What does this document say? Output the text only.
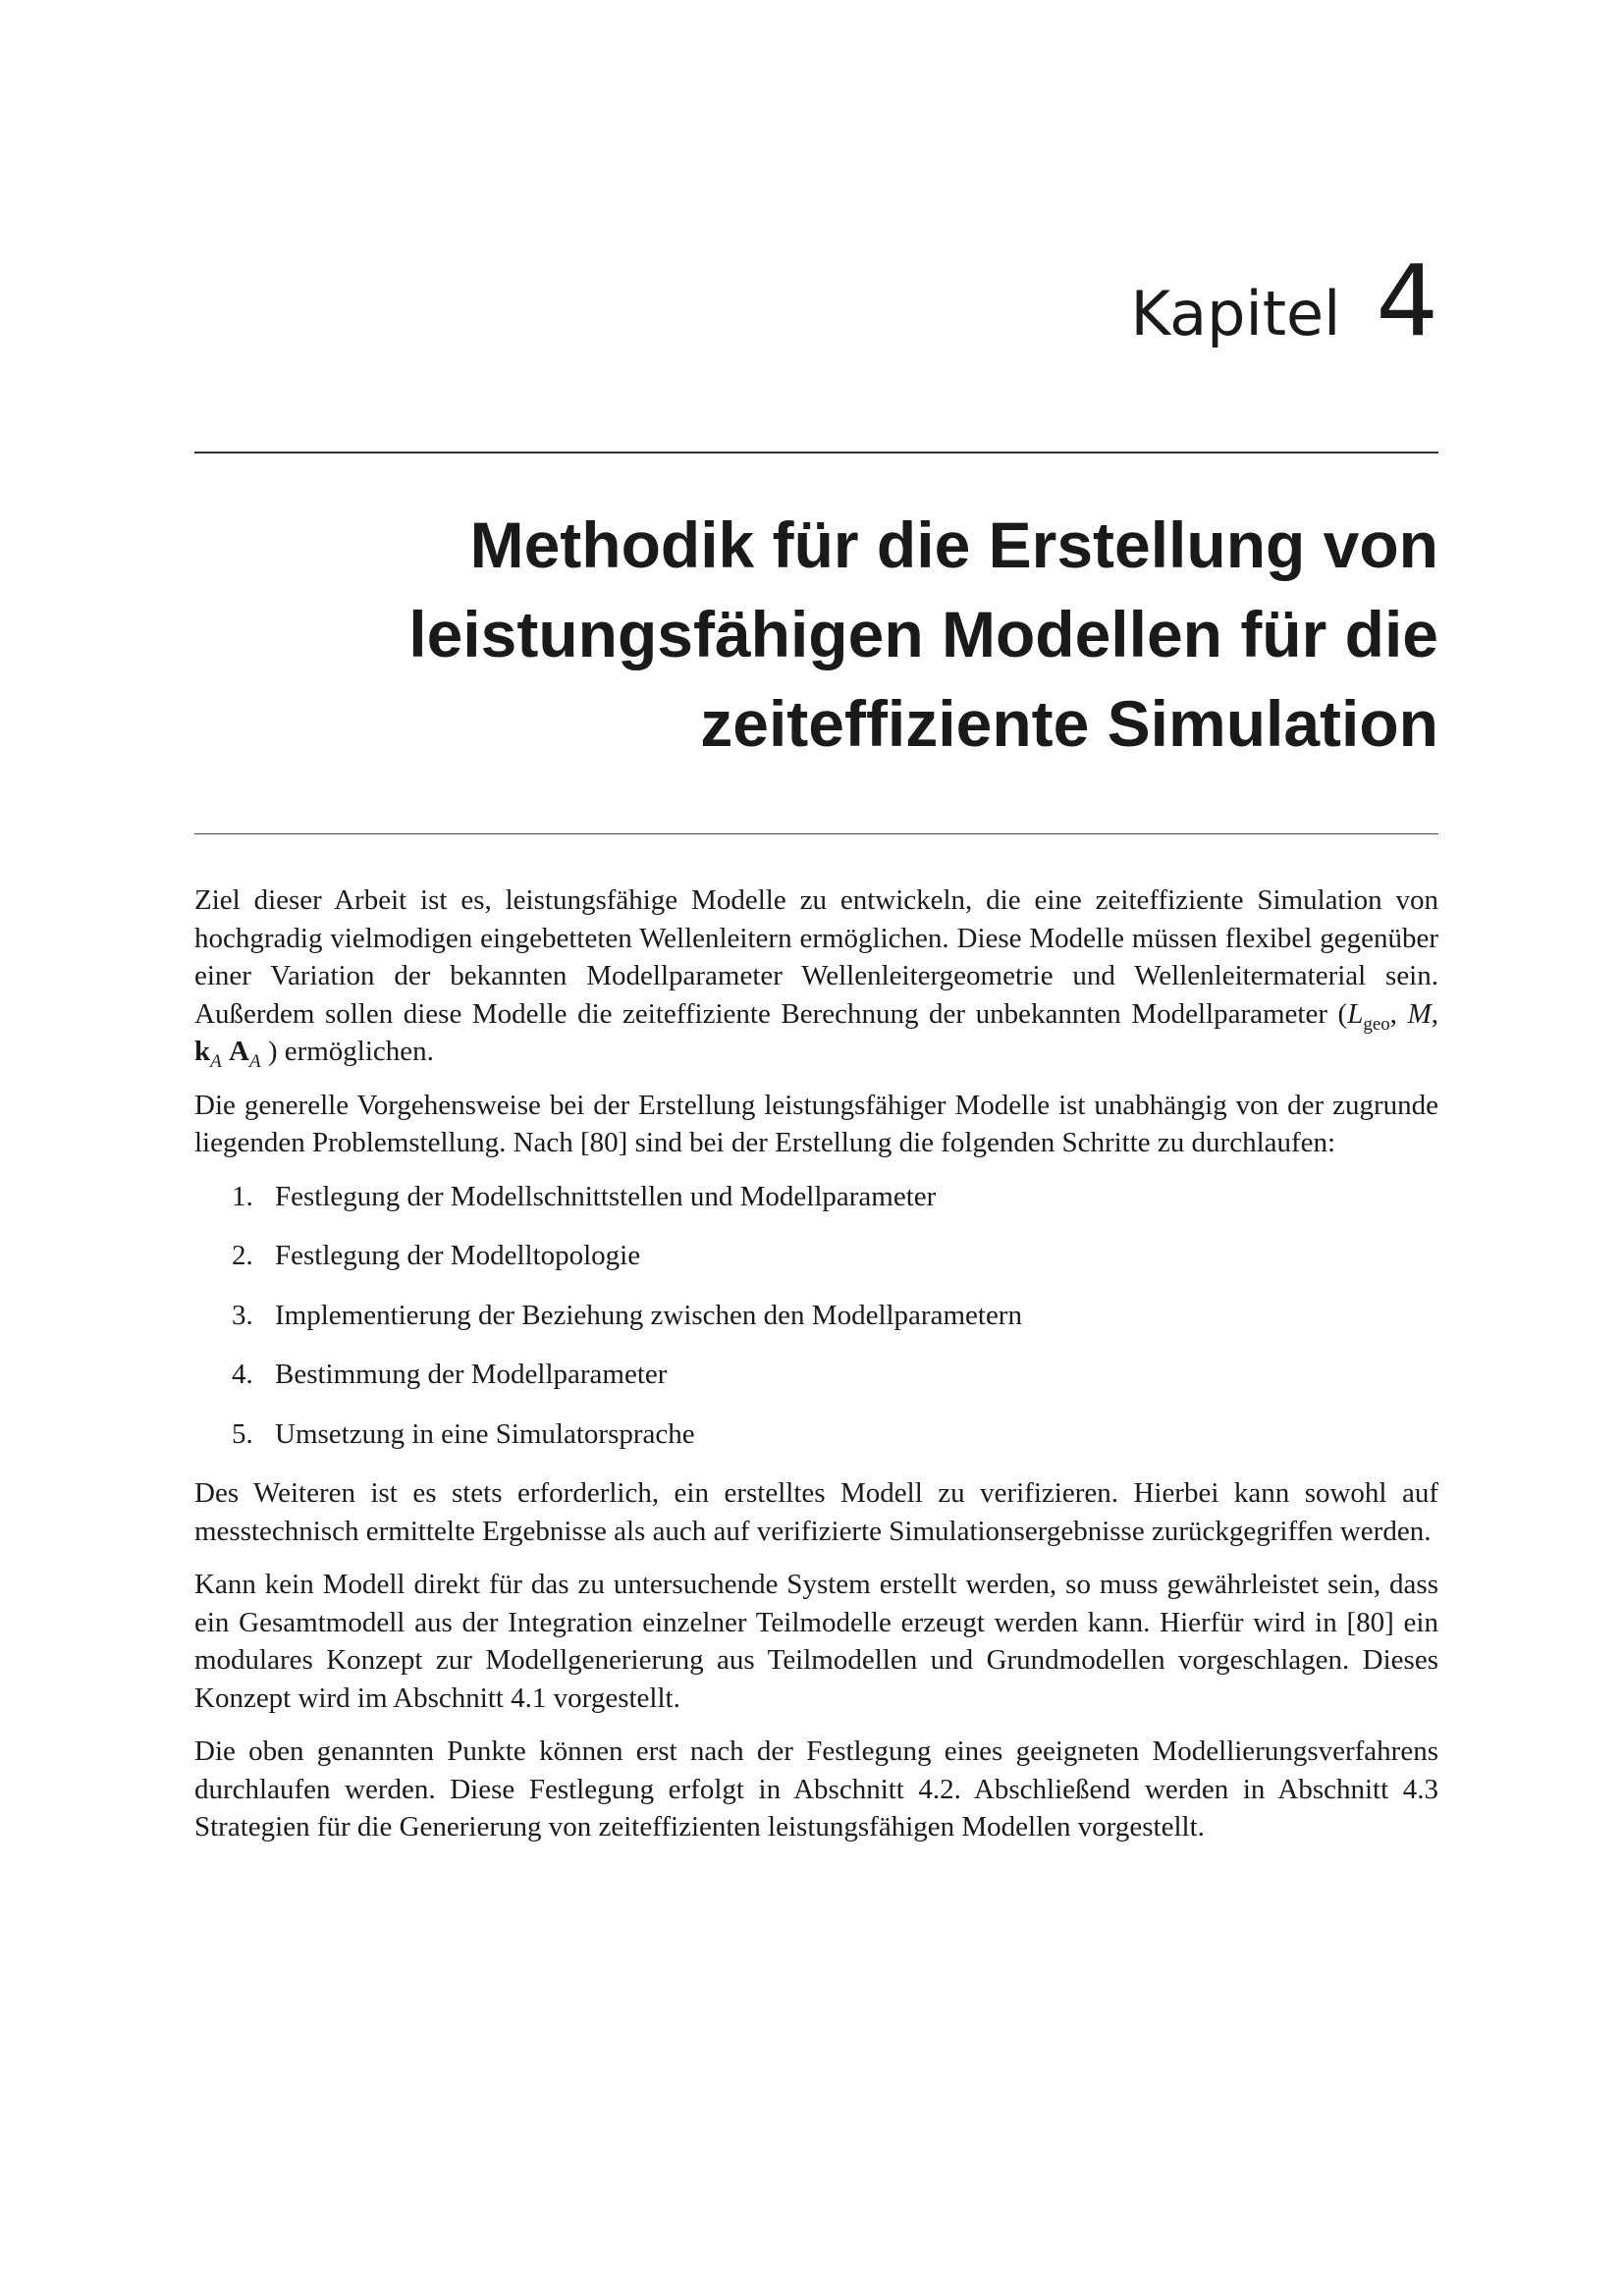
Kapitel 4
Methodik für die Erstellung von
leistungsfähigen Modellen für die
zeiteffiziente Simulation

Ziel dieser Arbeit ist es, leistungsfähige Modelle zu entwickeln, die eine zeiteffiziente Simulation von hochgradig vielmodigen eingebetteten Wellenleitern ermöglichen. Diese Modelle müssen flexibel gegenüber einer Variation der bekannten Modellparameter Wellenleitergeometrie und Wellenleitermaterial sein. Außerdem sollen diese Modelle die zeiteffiziente Berechnung der unbekannten Modellparameter ($L_{geo}$, M, $k_A$ $A_A$ ) ermöglichen.

Die generelle Vorgehensweise bei der Erstellung leistungsfähiger Modelle ist unabhängig von der zugrunde liegenden Problemstellung. Nach [80] sind bei der Erstellung die folgenden Schritte zu durchlaufen:

1. Festlegung der Modellschnittstellen und Modellparameter
2. Festlegung der Modelltopologie
3. Implementierung der Beziehung zwischen den Modellparametern
4. Bestimmung der Modellparameter
5. Umsetzung in eine Simulatorsprache

Des Weiteren ist es stets erforderlich, ein erstelltes Modell zu verifizieren. Hierbei kann sowohl auf messtechnisch ermittelte Ergebnisse als auch auf verifizierte Simulationsergebnisse zurückgegriffen werden.

Kann kein Modell direkt für das zu untersuchende System erstellt werden, so muss gewährleistet sein, dass ein Gesamtmodell aus der Integration einzelner Teilmodelle erzeugt werden kann. Hierfür wird in [80] ein modulares Konzept zur Modellgenerierung aus Teilmodellen und Grundmodellen vorgeschlagen. Dieses Konzept wird im Abschnitt 4.1 vorgestellt.

Die oben genannten Punkte können erst nach der Festlegung eines geeigneten Modellierungsverfahrens durchlaufen werden. Diese Festlegung erfolgt in Abschnitt 4.2. Abschließend werden in Abschnitt 4.3 Strategien für die Generierung von zeiteffizienten leistungsfähigen Modellen vorgestellt.
